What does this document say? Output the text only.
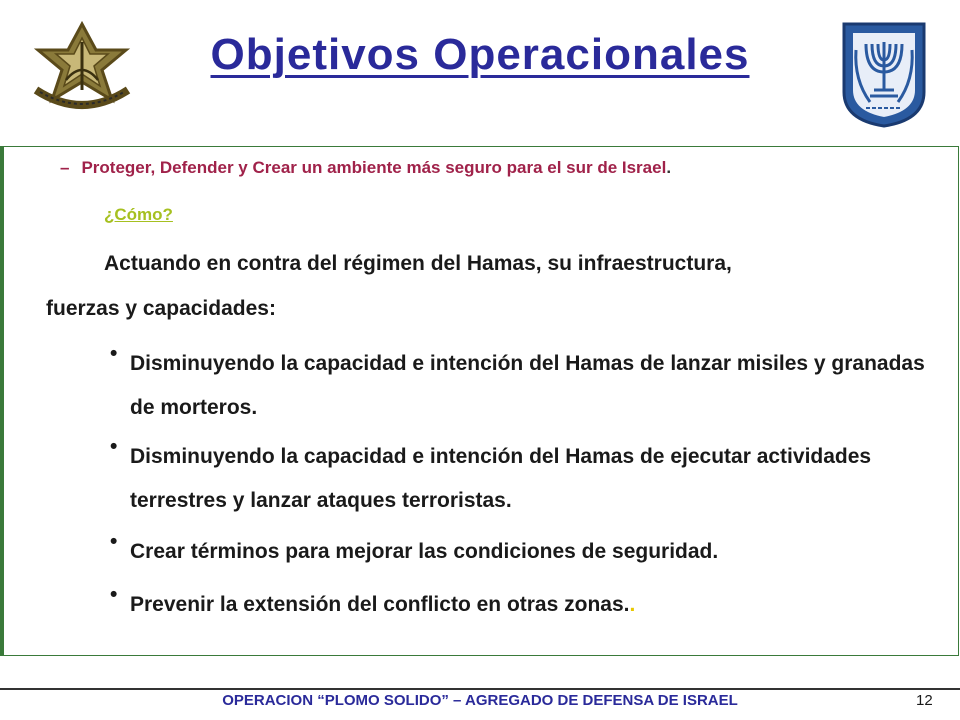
Objetivos Operacionales
– Proteger, Defender y Crear un ambiente más seguro para el sur de Israel.
¿Cómo?
Actuando en contra del régimen del Hamas, su infraestructura,
fuerzas y capacidades:
• Disminuyendo la capacidad e intención del Hamas de lanzar misiles y granadas de morteros.
• Disminuyendo la capacidad e intención del Hamas de ejecutar actividades terrestres y lanzar ataques terroristas.
• Crear términos para mejorar las condiciones de seguridad.
• Prevenir la extensión del conflicto en otras zonas..
OPERACION “PLOMO SOLIDO” – AGREGADO DE DEFENSA DE ISRAEL	12
